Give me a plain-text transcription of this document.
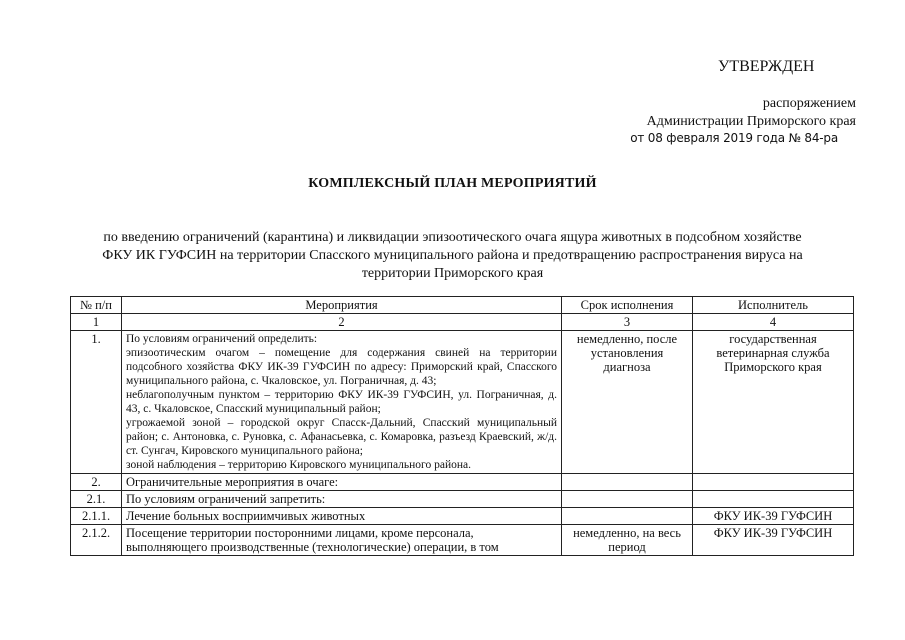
УТВЕРЖДЕН
распоряжением
Администрации Приморского края
от 08 февраля 2019 года № 84-ра
КОМПЛЕКСНЫЙ ПЛАН МЕРОПРИЯТИЙ
по введению ограничений (карантина) и ликвидации эпизоотического очага ящура животных в подсобном хозяйстве
ФКУ ИК ГУФСИН на территории Спасского муниципального района и предотвращению распространения вируса на
территории Приморского края
№ п/п	Мероприятия	Срок исполнения	Исполнитель
1	2	3	4
1.	По условиям ограничений определить:
эпизоотическим очагом – помещение для содержания свиней на территории подсобного хозяйства ФКУ ИК-39 ГУФСИН по адресу: Приморский край, Спасского муниципального района, с. Чкаловское, ул. Пограничная, д. 43;
неблагополучным пунктом – территорию ФКУ ИК-39 ГУФСИН, ул. Пограничная, д. 43, с. Чкаловское, Спасский муниципальный район;
угрожаемой зоной – городской округ Спасск-Дальний, Спасский муниципальный район; с. Антоновка, с. Руновка, с. Афанасьевка, с. Комаровка, разъезд Краевский, ж/д. ст. Сунгач, Кировского муниципального района;
зоной наблюдения – территорию Кировского муниципального района.	немедленно, после установления диагноза	государственная ветеринарная служба Приморского края
2.	Ограничительные мероприятия в очаге:		
2.1.	По условиям ограничений запретить:		
2.1.1.	Лечение больных восприимчивых животных		ФКУ ИК-39 ГУФСИН
2.1.2.	Посещение территории посторонними лицами, кроме персонала, выполняющего производственные (технологические) операции, в том	немедленно, на весь период	ФКУ ИК-39 ГУФСИН
